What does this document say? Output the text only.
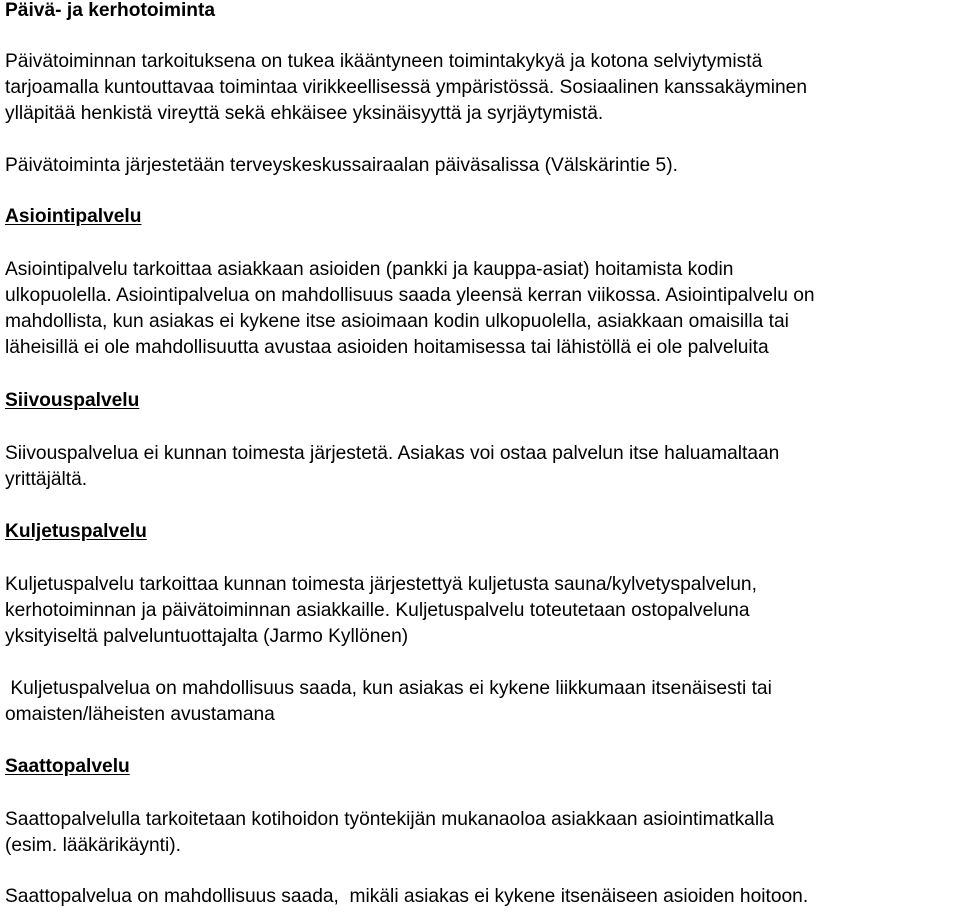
Päivä- ja kerhotoiminta
Päivätoiminnan tarkoituksena on tukea ikääntyneen toimintakykyä ja kotona selviytymistä
tarjoamalla kuntouttavaa toimintaa virikkeellisessä ympäristössä. Sosiaalinen kanssakäyminen
ylläpitää henkistä vireyttä sekä ehkäisee yksinäisyyttä ja syrjäytymistä.
Päivätoiminta järjestetään terveyskeskussairaalan päiväsalissa (Välskärintie 5).
Asiointipalvelu
Asiointipalvelu tarkoittaa asiakkaan asioiden (pankki ja kauppa-asiat) hoitamista kodin
ulkopuolella. Asiointipalvelua on mahdollisuus saada yleensä kerran viikossa. Asiointipalvelu on
mahdollista, kun asiakas ei kykene itse asioimaan kodin ulkopuolella, asiakkaan omaisilla tai
läheisillä ei ole mahdollisuutta avustaa asioiden hoitamisessa tai lähistöllä ei ole palveluita
Siivouspalvelu
Siivouspalvelua ei kunnan toimesta järjestetä. Asiakas voi ostaa palvelun itse haluamaltaan
yrittäjältä.
Kuljetuspalvelu
Kuljetuspalvelu tarkoittaa kunnan toimesta järjestettyä kuljetusta sauna/kylvetyspalvelun,
kerhotoiminnan ja päivätoiminnan asiakkaille. Kuljetuspalvelu toteutetaan ostopalveluna
yksityiseltä palveluntuottajalta (Jarmo Kyllönen)
Kuljetuspalvelua on mahdollisuus saada, kun asiakas ei kykene liikkumaan itsenäisesti tai
omaisten/läheisten avustamana
Saattopalvelu
Saattopalvelulla tarkoitetaan kotihoidon työntekijän mukanaoloa asiakkaan asiointimatkalla
(esim. lääkärikäynti).
Saattopalvelua on mahdollisuus saada,  mikäli asiakas ei kykene itsenäiseen asioiden hoitoon.
